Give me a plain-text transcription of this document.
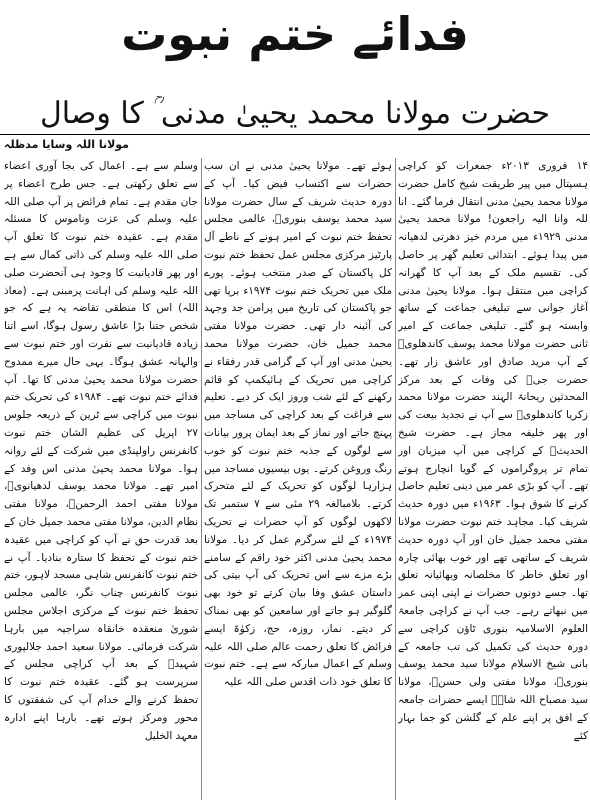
فدائے ختم نبوت
حضرت مولانا محمد یحییٰ مدنی ؒ کا وصال
مولانا اللہ وسایا مدظلہ

۱۴ فروری ۲۰۱۳ء جمعرات کو کراچی ہسپتال میں پیر طریقت شیخ کامل حضرت مولانا محمد یحییٰ مدنی انتقال فرما گئے۔ انا للہ وانا الیہ راجعون! مولانا محمد یحییٰ مدنی ۱۹۲۹ء میں مردم خیز دھرتی لدھیانہ میں پیدا ہوئے۔ ابتدائی تعلیم گھر پر حاصل کی۔ تقسیم ملک کے بعد آپ کا گھرانہ کراچی میں منتقل ہوا۔ مولانا یحییٰ مدنی آغاز جوانی سے تبلیغی جماعت کے ساتھ وابستہ ہو گئے۔ تبلیغی جماعت کے امیر ثانی حضرت مولانا محمد یوسف کاندھلویؒ کے آپ مرید صادق اور عاشق زار تھے۔ حضرت جیؒ کی وفات کے بعد مرکز المحدثین ریحانۃ الہند حضرت مولانا محمد زکریا کاندھلویؒ سے آپ نے تجدید بیعت کی اور پھر خلیفہ مجاز ہے۔ حضرت شیخ الحدیثؒ کے کراچی میں آپ میزبان اور تمام تر پروگراموں کے گویا انچارج ہوتے تھے۔ آپ کو بڑی عمر میں دینی تعلیم حاصل کرنے کا شوق ہوا۔ ۱۹۶۳ء میں دورہ حدیث شریف کیا۔ مجاہد ختم نبوت حضرت مولانا مفتی محمد جمیل خان اور آپ دورہ حدیث شریف کے ساتھی تھے اور خوب بھائی چارہ اور تعلق خاطر کا مخلصانہ وبھائیانہ تعلق تھا۔ جسے دونوں حضرات نے اپنی اپنی عمر میں نبھاتے رہے۔ جب آپ نے کراچی جامعۃ العلوم الاسلامیہ بنوری ٹاؤن کراچی سے دورہ حدیث کی تکمیل کی تب جامعہ کے بانی شیخ الاسلام مولانا سید محمد یوسف بنوریؒ، مولانا مفتی ولی حسنؒ، مولانا سید مصباح اللہ شاہؒ ایسے حضرات جامعہ کے افق پر اپنے علم کے گلشن کو جما بہار کئے

ہوئے تھے۔ مولانا یحییٰ مدنی نے ان سب حضرات سے اکتساب فیض کیا۔ آپ کے دورہ حدیث شریف کے سال حضرت مولانا سید محمد یوسف بنوریؒ، عالمی مجلس تحفظ ختم نبوت کے امیر ہونے کے ناطے آل پارٹیز مرکزی مجلس عمل تحفظ ختم نبوت کل پاکستان کے صدر منتخب ہوئے۔ پورے ملک میں تحریک ختم نبوت ۱۹۷۴ء برپا تھی جو پاکستان کی تاریخ میں پرامن جد وجہد کی آئینہ دار تھی۔ حضرت مولانا مفتی محمد جمیل خان، حضرت مولانا محمد یحییٰ مدنی اور آپ کے گرامی قدر رفقاء نے کراچی میں تحریک کے ہائیکمپ کو قائم رکھنے کے لئے شب وروز ایک کر دیے۔ تعلیم سے فراغت کے بعد کراچی کی مساجد میں پہنچ جاتے اور نماز کے بعد ایمان پرور بیانات سے لوگوں کے جذبہ ختم نبوت کو خوب رنگ وروغن کرتے۔ یوں بیسیوں مساجد میں ہزارہا لوگوں کو تحریک کے لئے متحرک کرتے۔ بلامبالغہ ۲۹ مئی سے ۷ ستمبر تک لاکھوں لوگوں کو آپ حضرات نے تحریک ۱۹۷۴ء کے لئے سرگرم عمل کر دیا۔ مولانا محمد یحییٰ مدنی اکثر خود راقم کے سامنے بڑے مزے سے اس تحریک کی آپ بیتی کی داستان عشق وفا بیان کرتے تو خود بھی گلوگیر ہو جاتے اور سامعین کو بھی نمناک کر دیتے۔ نماز، روزہ، حج، زکوٰۃ ایسے فرائض کا تعلق رحمت عالم صلی اللہ علیہ وسلم کے اعمال مبارکہ سے ہے۔ ختم نبوت کا تعلق خود ذات اقدس صلی اللہ علیہ

وسلم سے ہے۔ اعمال کی بجا آوری اعضاء سے تعلق رکھتی ہے۔ جس طرح اعضاء پر جان مقدم ہے۔ تمام فرائض پر آپ صلی اللہ علیہ وسلم کی عزت وناموس کا مسئلہ مقدم ہے۔ عقیدہ ختم نبوت کا تعلق آپ صلی اللہ علیہ وسلم کی ذاتی کمال سے ہے اور پھر قادیانیت کا وجود ہی آنحضرت صلی اللہ علیہ وسلم کی اہانت پرمبنی ہے۔ (معاذ اللہ) اس کا منطقی تقاضہ یہ ہے کہ جو شخص جتنا بڑا عاشق رسول ہوگا، اسے اتنا زیادہ قادیانیت سے نفرت اور ختم نبوت سے والہانہ عشق ہوگا۔ یہی حال میرے ممدوح حضرت مولانا محمد یحییٰ مدنی کا تھا۔ آپ فدائے ختم نبوت تھے۔ ۱۹۸۴ء کی تحریک ختم نبوت میں کراچی سے ٹرین کے ذریعہ جلوس ۲۷ اپریل کی عظیم الشان ختم نبوت کانفرنس راولپنڈی میں شرکت کے لئے روانہ ہوا۔ مولانا محمد یحییٰ مدنی اس وفد کے امیر تھے۔ مولانا محمد یوسف لدھیانویؒ، مولانا مفتی احمد الرحمنؒ، مولانا مفتی نظام الدین، مولانا مفتی محمد جمیل خان کے بعد قدرت حق نے آپ کو کراچی میں عقیدہ ختم نبوت کے تحفظ کا ستارہ بنادیا۔ آپ نے ختم نبوت کانفرنس شاہی مسجد لاہور، ختم نبوت کانفرنس چناب نگر، عالمی مجلس تحفظ ختم نبوت کے مرکزی اجلاس مجلس شوریٰ منعقدہ خانقاہ سراجیہ میں بارہا شرکت فرمائی۔ مولانا سعید احمد جلالپوری شہیدؒ کے بعد آپ کراچی مجلس کے سرپرست ہو گئے۔ عقیدہ ختم نبوت کا تحفظ کرنے والے خدام آپ کی شفقتوں کا محور ومرکز ہوتے تھے۔ بارہا اپنے ادارہ معہد الخلیل
